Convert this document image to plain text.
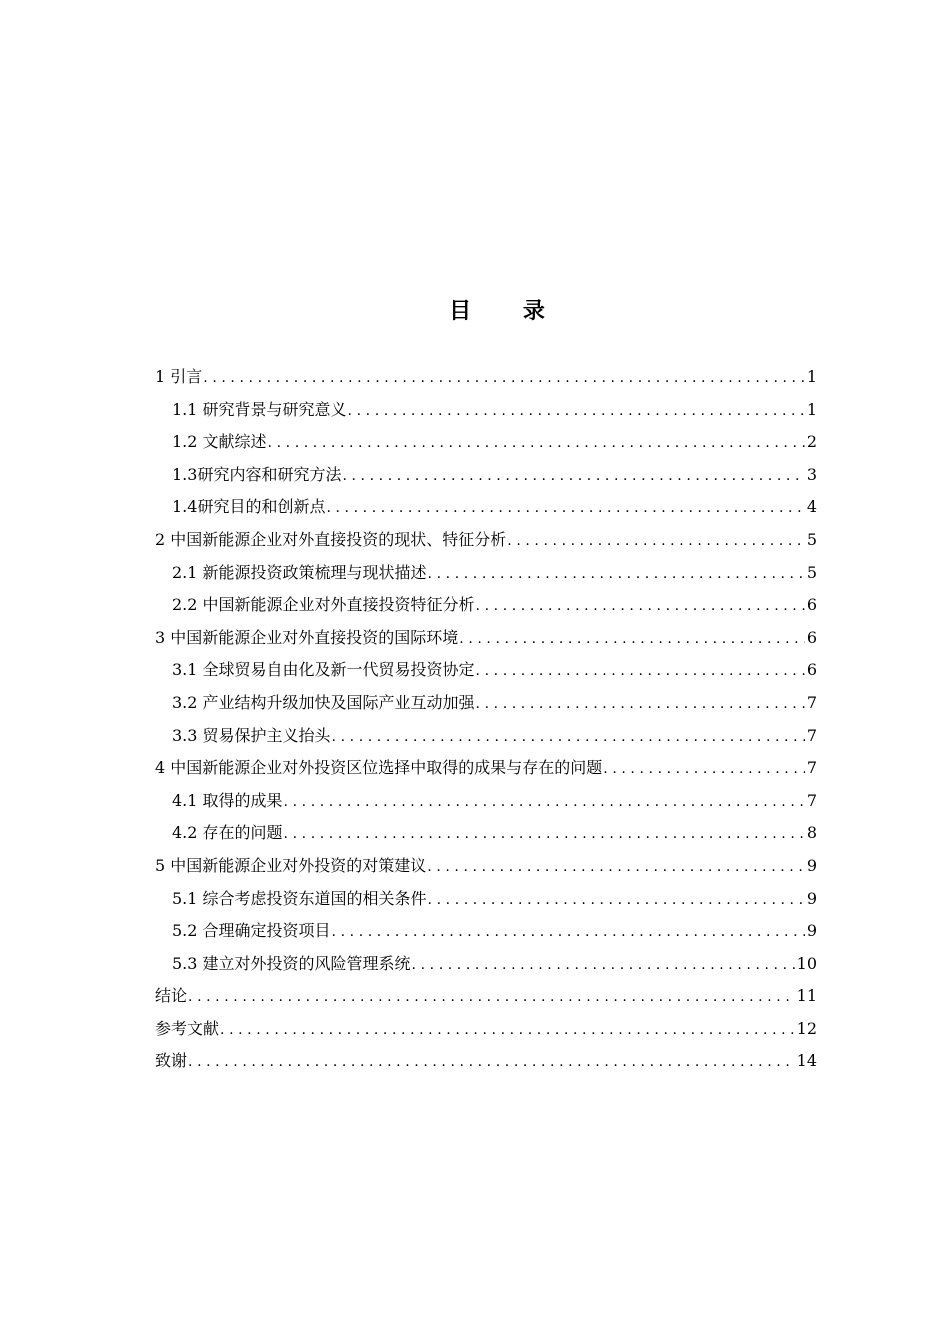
目 录
1 引言 .....	1
1.1 研究背景与研究意义 .....	1
1.2 文献综述 .....	2
1.3研究内容和研究方法 .....	3
1.4研究目的和创新点 .....	4
2 中国新能源企业对外直接投资的现状、特征分析 .....	5
2.1 新能源投资政策梳理与现状描述 .....	5
2.2 中国新能源企业对外直接投资特征分析 .....	6
3 中国新能源企业对外直接投资的国际环境 .....	6
3.1 全球贸易自由化及新一代贸易投资协定 .....	6
3.2 产业结构升级加快及国际产业互动加强 .....	7
3.3 贸易保护主义抬头 .....	7
4 中国新能源企业对外投资区位选择中取得的成果与存在的问题 .....	7
4.1 取得的成果 .....	7
4.2 存在的问题 .....	8
5 中国新能源企业对外投资的对策建议 .....	9
5.1 综合考虑投资东道国的相关条件 .....	9
5.2 合理确定投资项目 .....	9
5.3 建立对外投资的风险管理系统 .....	10
结论 .....	11
参考文献 .....	12
致谢 .....	14
